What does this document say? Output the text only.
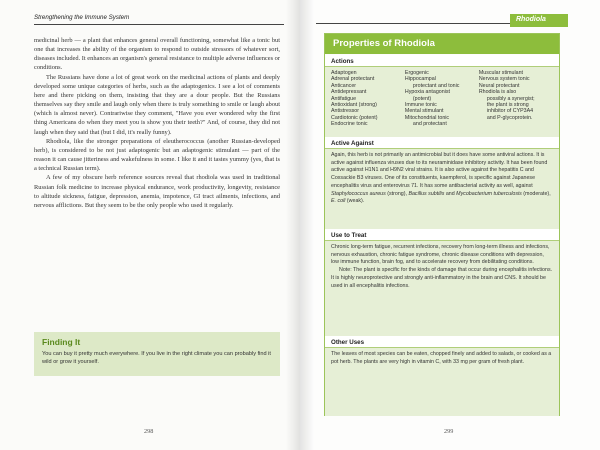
Strengthening the Immune System

medicinal herb — a plant that enhances general overall functioning, somewhat like a tonic but one that increases the ability of the organism to respond to outside stressors of whatever sort, diseases included. It enhances an organism's general resistance to multiple adverse influences or conditions.

The Russians have done a lot of great work on the medicinal actions of plants and deeply developed some unique categories of herbs, such as the adaptogenics. I see a lot of comments here and there picking on them, insisting that they are a dour people. But the Russians themselves say they smile and laugh only when there is truly something to smile or laugh about (which is almost never). Contrariwise they comment, "Have you ever wondered why the first thing Americans do when they meet you is show you their teeth?" And, of course, they did not laugh when they said that (but I did, it's really funny).

Rhodiola, like the stronger preparations of eleutherococcus (another Russian-developed herb), is considered to be not just adaptogenic but an adaptogenic stimulant — part of the reason it can cause jitteriness and wakefulness in some. I like it and it tastes yummy (yes, that is a technical Russian term).

A few of my obscure herb reference sources reveal that rhodiola was used in traditional Russian folk medicine to increase physical endurance, work productivity, longevity, resistance to altitude sickness, fatigue, depression, anemia, impotence, GI tract ailments, infections, and nervous afflictions. But they seem to be the only people who used it regularly.

Finding It

You can buy it pretty much everywhere. If you live in the right climate you can probably find it wild or grow it yourself.

298
Rhodiola
Properties of Rhodiola
Actions
Adaptogen
Adrenal protectant
Anticancer
Antidepressant
Antifatigue
Antioxidant (strong)
Antistressor
Cardiotonic (potent)
Endocrine tonic
Ergogenic
Hippocampal
protectant and tonic
Hypoxia antagonist
(potent)
Immune tonic
Mental stimulant
Mitochondrial tonic
and protectant
Muscular stimulant
Nervous system tonic
Neural protectant
Rhodiola is also
possibly a synergist;
the plant is strong
inhibitor of CYP3A4
and P-glycoprotein.
Active Against
Again, this herb is not primarily an antimicrobial but it does have some antiviral actions. It is active against influenza viruses due to its neuraminidase inhibitory activity. It has been found active against H1N1 and H9N2 viral strains. It is also active against the hepatitis C and Coxsackie B3 viruses. One of its constituents, kaempferol, is specific against Japanese encephalitis virus and enterovirus 71. It has some antibacterial activity as well, against Staphylococcus aureus (strong), Bacillus subtilis and Mycobacterium tuberculosis (moderate), E. coli (weak).
Use to Treat

Chronic long-term fatigue, recurrent infections, recovery from long-term illness and infections, nervous exhaustion, chronic fatigue syndrome, chronic disease conditions with depression, low immune function, brain fog, and to accelerate recovery from debilitating conditions.

Note: The plant is specific for the kinds of damage that occur during encephalitis infections. It is highly neuroprotective and strongly anti-inflammatory in the brain and CNS. It should be used in all encephalitis infections.

Other Uses

The leaves of most species can be eaten, chopped finely and added to salads, or cooked as a pot herb. The plants are very high in vitamin C, with 33 mg per gram of fresh plant.

299
